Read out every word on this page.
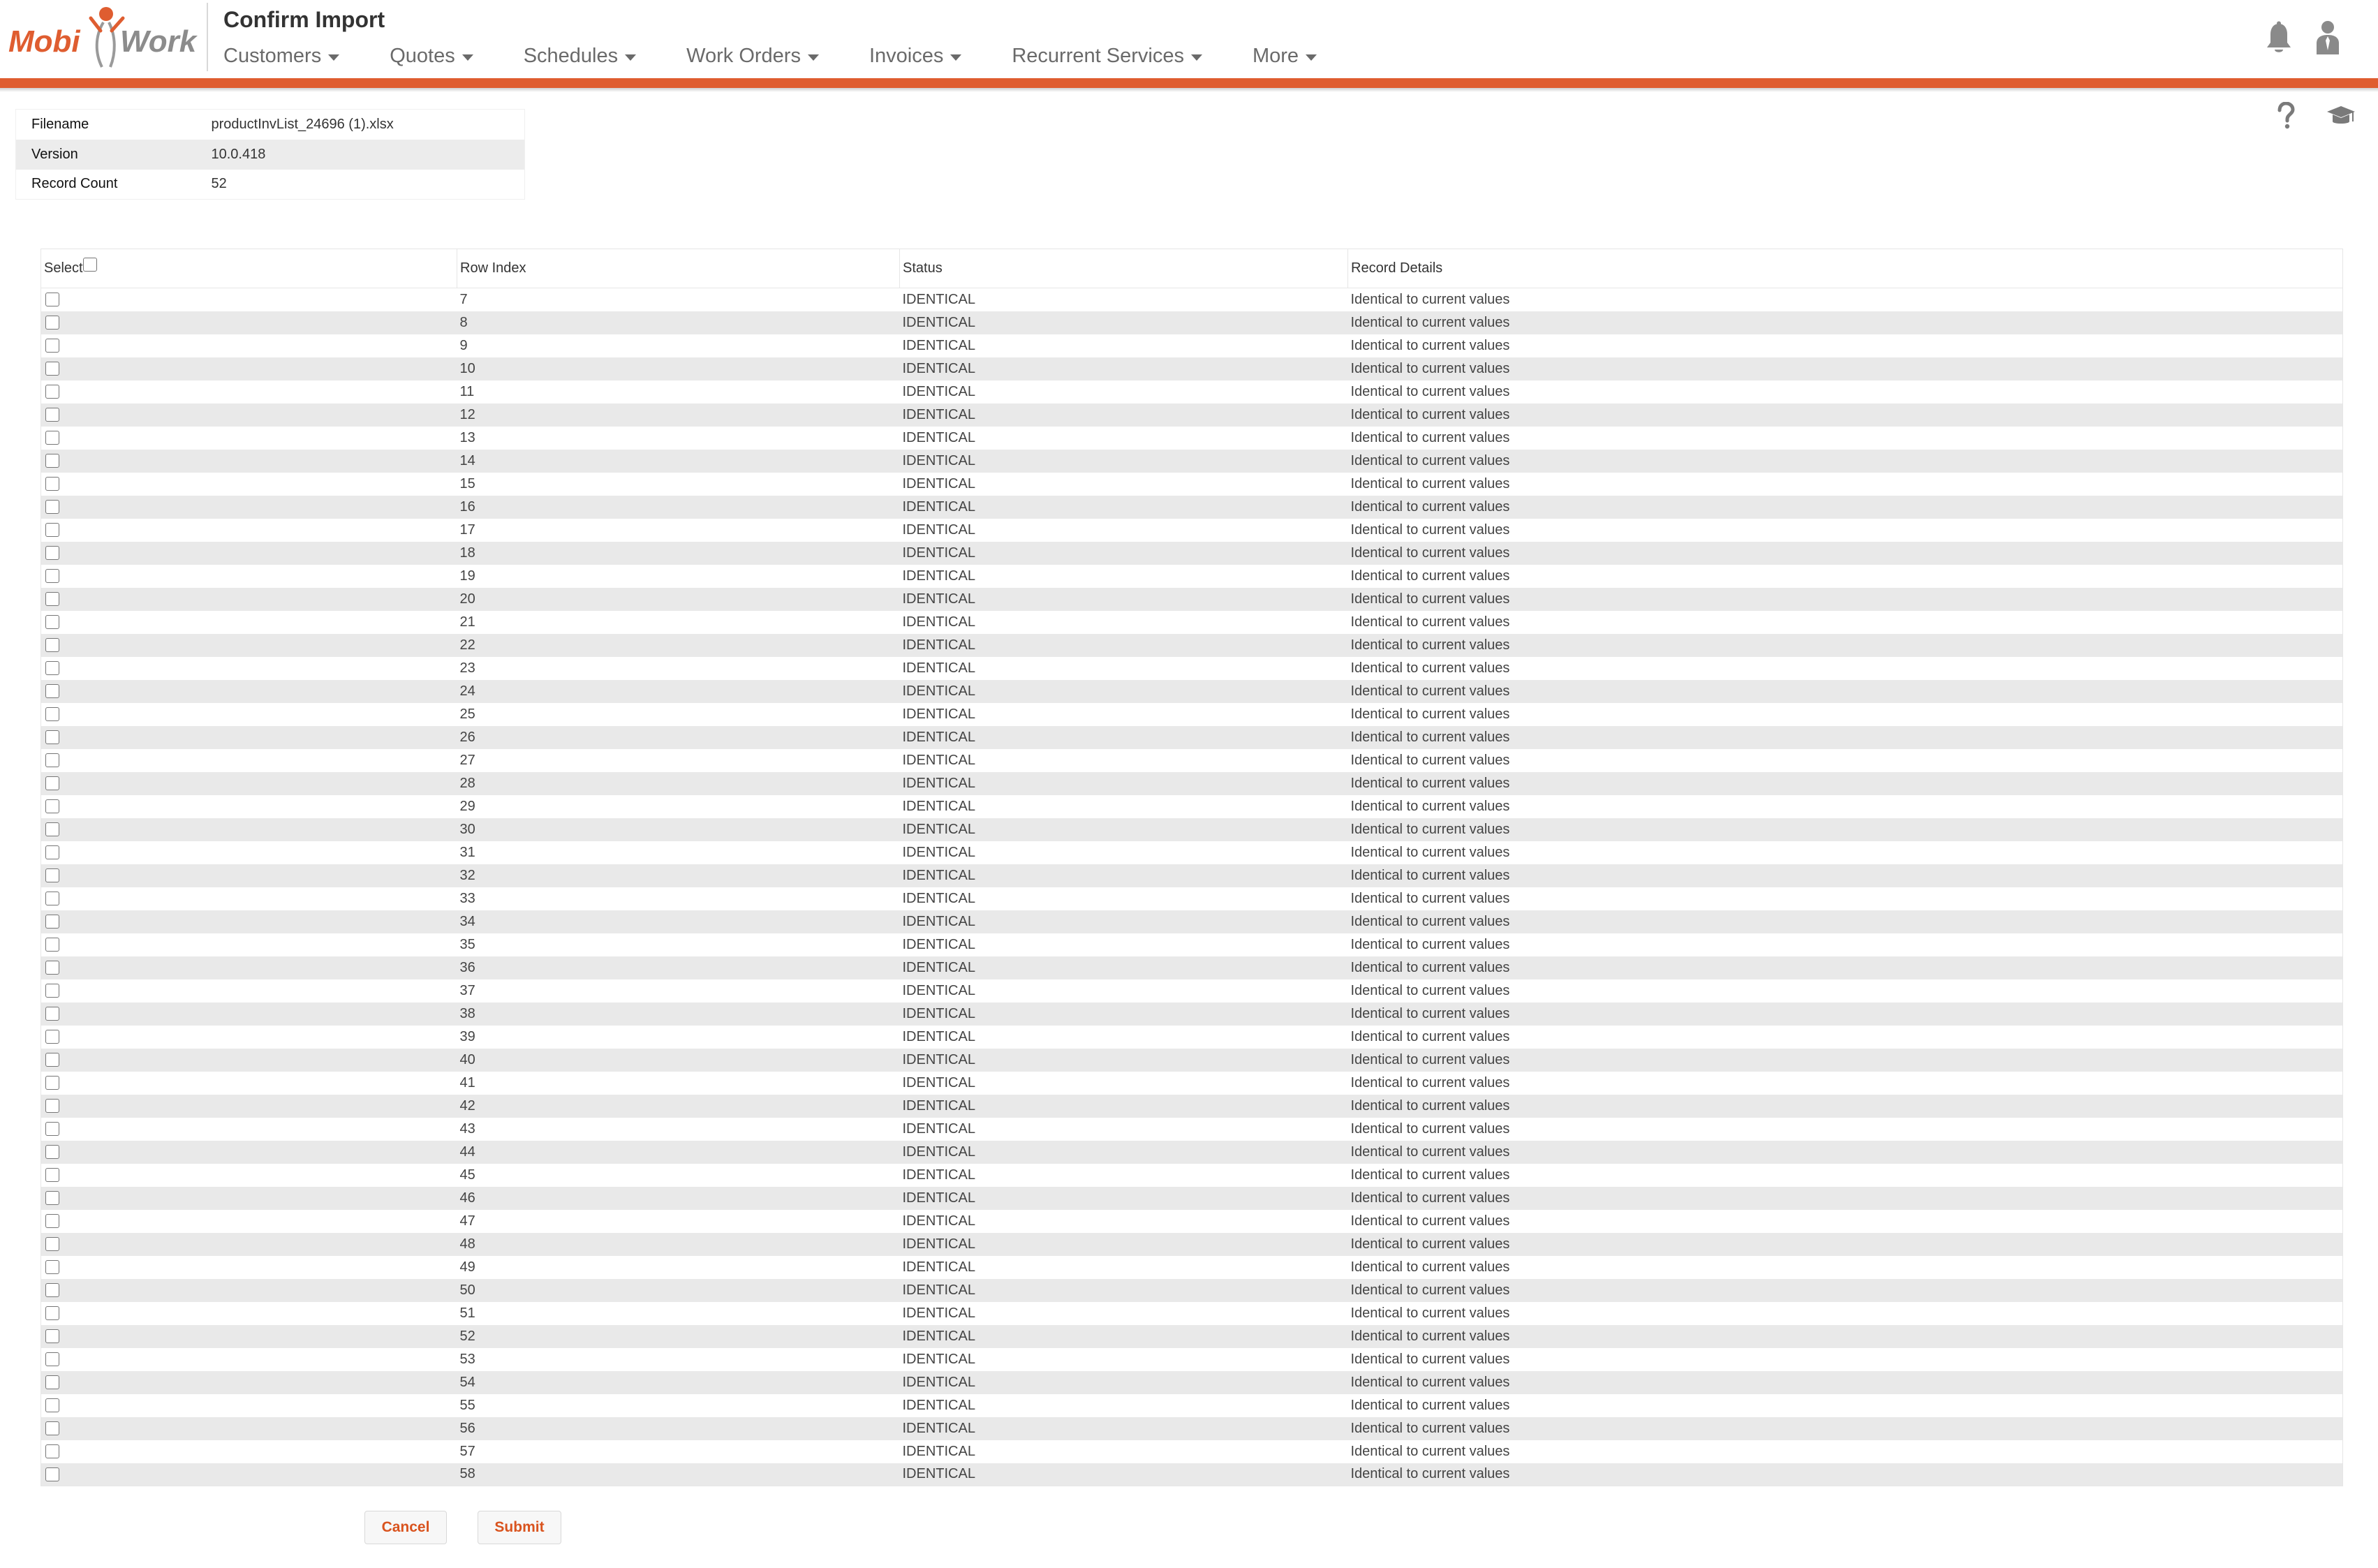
Mobi Work
Confirm Import
Customers	Quotes	Schedules	Work Orders	Invoices	Recurrent Services	More
Filename	productInvList_24696 (1).xlsx
Version	10.0.418
Record Count	52
Select	Row Index	Status	Record Details
	7	IDENTICAL	Identical to current values
	8	IDENTICAL	Identical to current values
	9	IDENTICAL	Identical to current values
	10	IDENTICAL	Identical to current values
	11	IDENTICAL	Identical to current values
	12	IDENTICAL	Identical to current values
	13	IDENTICAL	Identical to current values
	14	IDENTICAL	Identical to current values
	15	IDENTICAL	Identical to current values
	16	IDENTICAL	Identical to current values
	17	IDENTICAL	Identical to current values
	18	IDENTICAL	Identical to current values
	19	IDENTICAL	Identical to current values
	20	IDENTICAL	Identical to current values
	21	IDENTICAL	Identical to current values
	22	IDENTICAL	Identical to current values
	23	IDENTICAL	Identical to current values
	24	IDENTICAL	Identical to current values
	25	IDENTICAL	Identical to current values
	26	IDENTICAL	Identical to current values
	27	IDENTICAL	Identical to current values
	28	IDENTICAL	Identical to current values
	29	IDENTICAL	Identical to current values
	30	IDENTICAL	Identical to current values
	31	IDENTICAL	Identical to current values
	32	IDENTICAL	Identical to current values
	33	IDENTICAL	Identical to current values
	34	IDENTICAL	Identical to current values
	35	IDENTICAL	Identical to current values
	36	IDENTICAL	Identical to current values
	37	IDENTICAL	Identical to current values
	38	IDENTICAL	Identical to current values
	39	IDENTICAL	Identical to current values
	40	IDENTICAL	Identical to current values
	41	IDENTICAL	Identical to current values
	42	IDENTICAL	Identical to current values
	43	IDENTICAL	Identical to current values
	44	IDENTICAL	Identical to current values
	45	IDENTICAL	Identical to current values
	46	IDENTICAL	Identical to current values
	47	IDENTICAL	Identical to current values
	48	IDENTICAL	Identical to current values
	49	IDENTICAL	Identical to current values
	50	IDENTICAL	Identical to current values
	51	IDENTICAL	Identical to current values
	52	IDENTICAL	Identical to current values
	53	IDENTICAL	Identical to current values
	54	IDENTICAL	Identical to current values
	55	IDENTICAL	Identical to current values
	56	IDENTICAL	Identical to current values
	57	IDENTICAL	Identical to current values
	58	IDENTICAL	Identical to current values
Cancel	Submit
